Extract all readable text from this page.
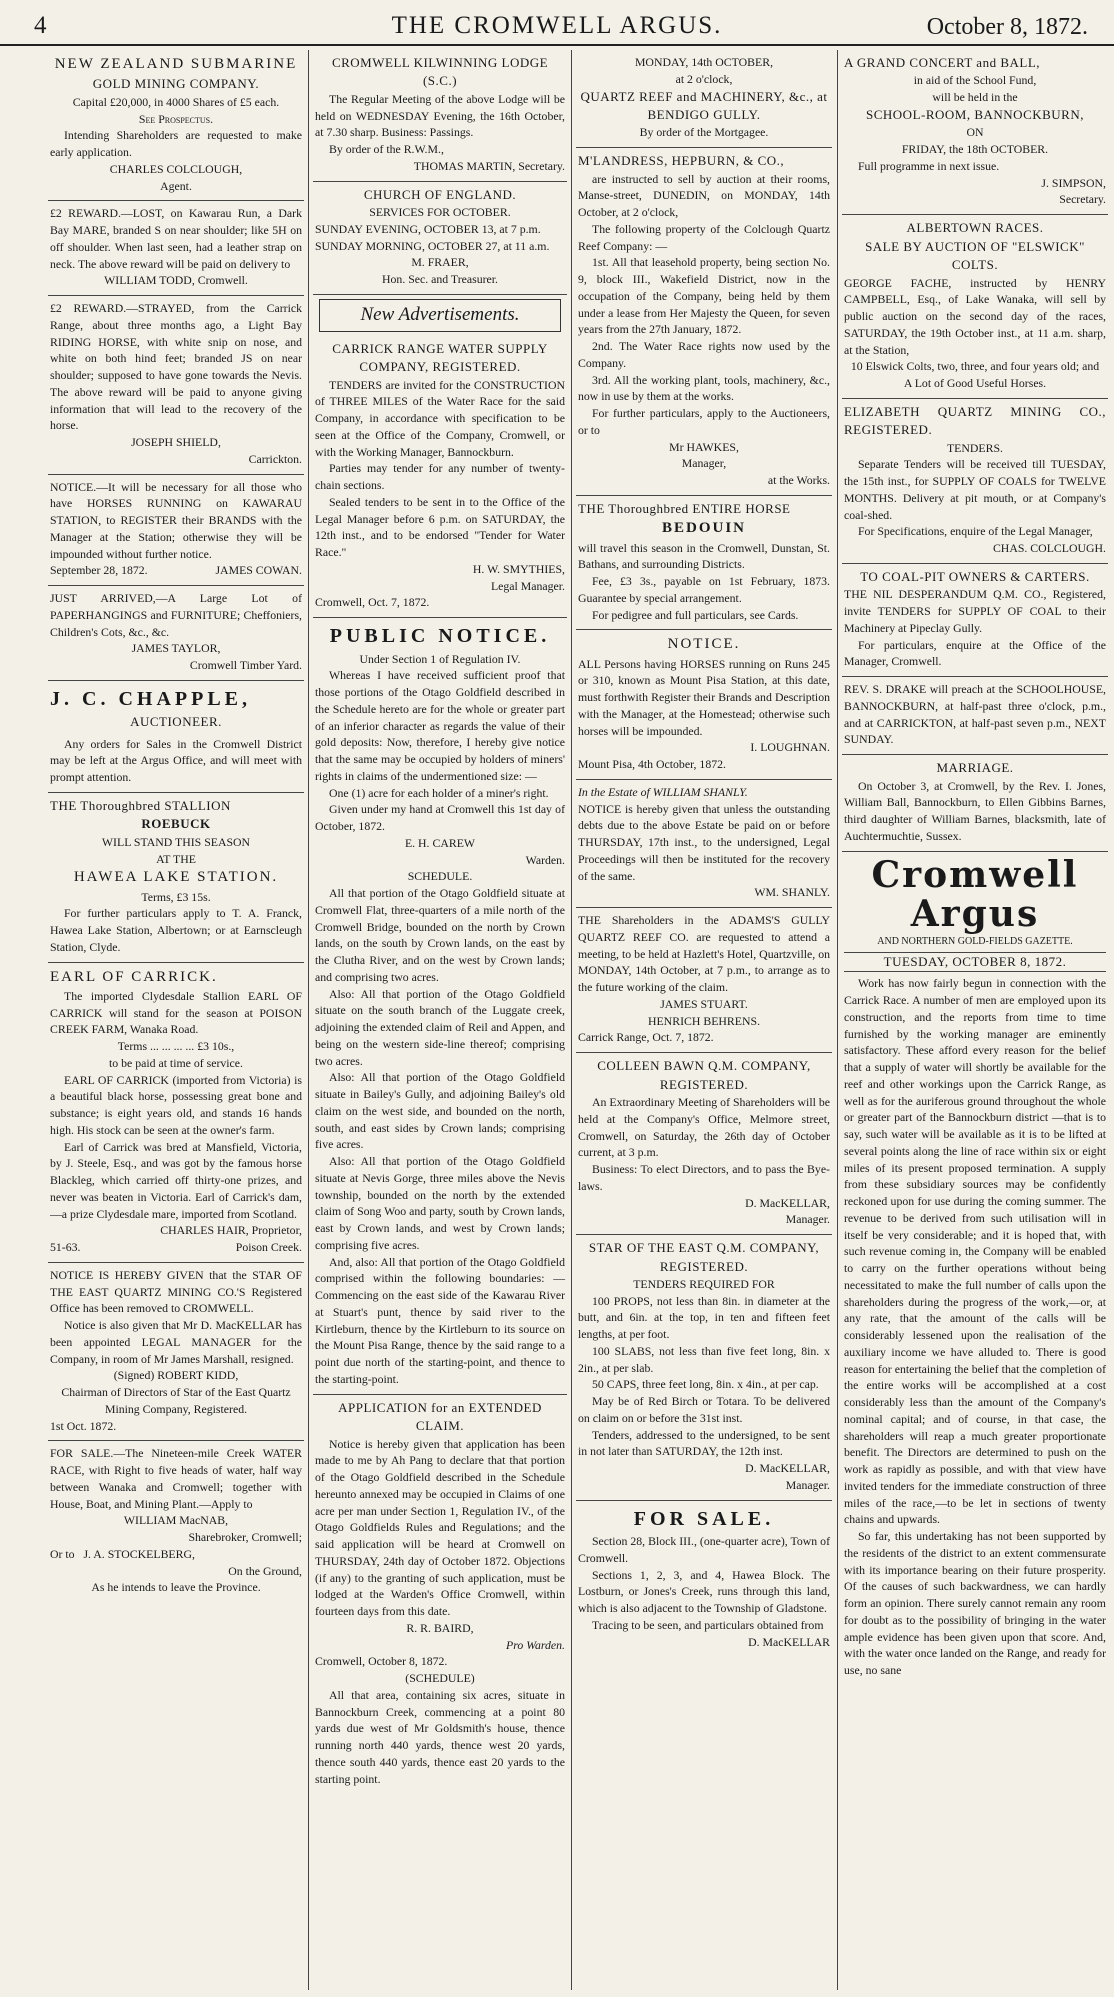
4	THE CROMWELL ARGUS.	October 8, 1872.

NEW ZEALAND SUBMARINE

GOLD MINING COMPANY.

Capital £20,000, in 4000 Shares of £5 each.

See Prospectus.

Intending Shareholders are requested to make early application.

CHARLES COLCLOUGH,

Agent.

£2 REWARD.—LOST, on Kawarau Run, a Dark Bay MARE, branded S on near shoulder; like 5H on off shoulder. When last seen, had a leather strap on neck. The above reward will be paid on delivery to

WILLIAM TODD, Cromwell.

£2 REWARD.—STRAYED, from the Carrick Range, about three months ago, a Light Bay RIDING HORSE, with white snip on nose, and white on both hind feet; branded JS on near shoulder; supposed to have gone towards the Nevis. The above reward will be paid to anyone giving information that will lead to the recovery of the horse.

JOSEPH SHIELD,

Carrickton.

NOTICE.—It will be necessary for all those who have HORSES RUNNING on KAWARAU STATION, to REGISTER their BRANDS with the Manager at the Station; otherwise they will be impounded without further notice.

September 28, 1872.	JAMES COWAN.

JUST ARRIVED,—A Large Lot of PAPERHANGINGS and FURNITURE; Cheffoniers, Children's Cots, &c., &c.

JAMES TAYLOR,

Cromwell Timber Yard.

J. C. CHAPPLE,

AUCTIONEER.

Any orders for Sales in the Cromwell District may be left at the Argus Office, and will meet with prompt attention.

THE Thoroughbred STALLION

ROEBUCK

WILL STAND THIS SEASON

AT THE

HAWEA LAKE STATION.

Terms, £3 15s.

For further particulars apply to T. A. Franck, Hawea Lake Station, Albertown; or at Earnscleugh Station, Clyde.

EARL OF CARRICK.

The imported Clydesdale Stallion EARL OF CARRICK will stand for the season at POISON CREEK FARM, Wanaka Road.

Terms ... ... ... ... £3 10s.,

to be paid at time of service.

EARL OF CARRICK (imported from Victoria) is a beautiful black horse, possessing great bone and substance; is eight years old, and stands 16 hands high. His stock can be seen at the owner's farm.

Earl of Carrick was bred at Mansfield, Victoria, by J. Steele, Esq., and was got by the famous horse Blackleg, which carried off thirty-one prizes, and never was beaten in Victoria. Earl of Carrick's dam,—a prize Clydesdale mare, imported from Scotland.

CHARLES HAIR, Proprietor,

51-63.	Poison Creek.

NOTICE IS HEREBY GIVEN that the STAR OF THE EAST QUARTZ MINING CO.'S Registered Office has been removed to CROMWELL.

Notice is also given that Mr D. MacKELLAR has been appointed LEGAL MANAGER for the Company, in room of Mr James Marshall, resigned.

(Signed) ROBERT KIDD,

Chairman of Directors of Star of the East Quartz Mining Company, Registered.

1st Oct. 1872.

FOR SALE.—The Nineteen-mile Creek WATER RACE, with Right to five heads of water, half way between Wanaka and Cromwell; together with House, Boat, and Mining Plant.—Apply to

WILLIAM MacNAB,

Sharebroker, Cromwell;

Or to J. A. STOCKELBERG,

On the Ground,

As he intends to leave the Province.

CROMWELL KILWINNING LODGE (S.C.)

The Regular Meeting of the above Lodge will be held on WEDNESDAY Evening, the 16th October, at 7.30 sharp. Business: Passings.

By order of the R.W.M.,

THOMAS MARTIN, Secretary.

CHURCH OF ENGLAND.

SERVICES FOR OCTOBER.

SUNDAY EVENING, OCTOBER 13, at 7 p.m.

SUNDAY MORNING, OCTOBER 27, at 11 a.m.

M. FRAER,

Hon. Sec. and Treasurer.

New Advertisements.

CARRICK RANGE WATER SUPPLY COMPANY, REGISTERED.

TENDERS are invited for the CONSTRUCTION of THREE MILES of the Water Race for the said Company, in accordance with specification to be seen at the Office of the Company, Cromwell, or with the Working Manager, Bannockburn.

Parties may tender for any number of twenty-chain sections.

Sealed tenders to be sent in to the Office of the Legal Manager before 6 p.m. on SATURDAY, the 12th inst., and to be endorsed "Tender for Water Race."

H. W. SMYTHIES,

Legal Manager.

Cromwell, Oct. 7, 1872.

PUBLIC NOTICE.

Under Section 1 of Regulation IV.

Whereas I have received sufficient proof that those portions of the Otago Goldfield described in the Schedule hereto are for the whole or greater part of an inferior character as regards the value of their gold deposits: Now, therefore, I hereby give notice that the same may be occupied by holders of miners' rights in claims of the undermentioned size: —

One (1) acre for each holder of a miner's right.

Given under my hand at Cromwell this 1st day of October, 1872.

E. H. CAREW

Warden.

SCHEDULE.

All that portion of the Otago Goldfield situate at Cromwell Flat, three-quarters of a mile north of the Cromwell Bridge, bounded on the north by Crown lands, on the south by Crown lands, on the east by the Clutha River, and on the west by Crown lands; and comprising two acres.

Also: All that portion of the Otago Goldfield situate on the south branch of the Luggate creek, adjoining the extended claim of Reil and Appen, and being on the western side-line thereof; comprising two acres.

Also: All that portion of the Otago Goldfield situate in Bailey's Gully, and adjoining Bailey's old claim on the west side, and bounded on the north, south, and east sides by Crown lands; comprising five acres.

Also: All that portion of the Otago Goldfield situate at Nevis Gorge, three miles above the Nevis township, bounded on the north by the extended claim of Song Woo and party, south by Crown lands, east by Crown lands, and west by Crown lands; comprising five acres.

And, also: All that portion of the Otago Goldfield comprised within the following boundaries: —Commencing on the east side of the Kawarau River at Stuart's punt, thence by said river to the Kirtleburn, thence by the Kirtleburn to its source on the Mount Pisa Range, thence by the said range to a point due north of the starting-point, and thence to the starting-point.

APPLICATION for an EXTENDED CLAIM.

Notice is hereby given that application has been made to me by Ah Pang to declare that that portion of the Otago Goldfield described in the Schedule hereunto annexed may be occupied in Claims of one acre per man under Section 1, Regulation IV., of the Otago Goldfields Rules and Regulations; and the said application will be heard at Cromwell on THURSDAY, 24th day of October 1872. Objections (if any) to the granting of such application, must be lodged at the Warden's Office Cromwell, within fourteen days from this date.

R. R. BAIRD,

Pro Warden.

Cromwell, October 8, 1872.

(SCHEDULE)

All that area, containing six acres, situate in Bannockburn Creek, commencing at a point 80 yards due west of Mr Goldsmith's house, thence running north 440 yards, thence west 20 yards, thence south 440 yards, thence east 20 yards to the starting point.

MONDAY, 14th OCTOBER,

at 2 o'clock,

QUARTZ REEF and MACHINERY, &c., at BENDIGO GULLY.

By order of the Mortgagee.

M'LANDRESS, HEPBURN, & CO.,

are instructed to sell by auction at their rooms, Manse-street, DUNEDIN, on MONDAY, 14th October, at 2 o'clock,

The following property of the Colclough Quartz Reef Company: —

1st. All that leasehold property, being section No. 9, block III., Wakefield District, now in the occupation of the Company, being held by them under a lease from Her Majesty the Queen, for seven years from the 27th January, 1872.

2nd. The Water Race rights now used by the Company.

3rd. All the working plant, tools, machinery, &c., now in use by them at the works.

For further particulars, apply to the Auctioneers, or to

Mr HAWKES,

Manager,

at the Works.

THE Thoroughbred ENTIRE HORSE

BEDOUIN

will travel this season in the Cromwell, Dunstan, St. Bathans, and surrounding Districts.

Fee, £3 3s., payable on 1st February, 1873. Guarantee by special arrangement.

For pedigree and full particulars, see Cards.

NOTICE.

ALL Persons having HORSES running on Runs 245 or 310, known as Mount Pisa Station, at this date, must forthwith Register their Brands and Description with the Manager, at the Homestead; otherwise such horses will be impounded.

I. LOUGHNAN.

Mount Pisa, 4th October, 1872.

In the Estate of WILLIAM SHANLY.

NOTICE is hereby given that unless the outstanding debts due to the above Estate be paid on or before THURSDAY, 17th inst., to the undersigned, Legal Proceedings will then be instituted for the recovery of the same.

WM. SHANLY.

THE Shareholders in the ADAMS'S GULLY QUARTZ REEF CO. are requested to attend a meeting, to be held at Hazlett's Hotel, Quartzville, on MONDAY, 14th October, at 7 p.m., to arrange as to the future working of the claim.

JAMES STUART.

HENRICH BEHRENS.

Carrick Range, Oct. 7, 1872.

COLLEEN BAWN Q.M. COMPANY, REGISTERED.

An Extraordinary Meeting of Shareholders will be held at the Company's Office, Melmore street, Cromwell, on Saturday, the 26th day of October current, at 3 p.m.

Business: To elect Directors, and to pass the Bye-laws.

D. MacKELLAR,

Manager.

STAR OF THE EAST Q.M. COMPANY, REGISTERED.

TENDERS REQUIRED FOR

100 PROPS, not less than 8in. in diameter at the butt, and 6in. at the top, in ten and fifteen feet lengths, at per foot.

100 SLABS, not less than five feet long, 8in. x 2in., at per slab.

50 CAPS, three feet long, 8in. x 4in., at per cap.

May be of Red Birch or Totara. To be delivered on claim on or before the 31st inst.

Tenders, addressed to the undersigned, to be sent in not later than SATURDAY, the 12th inst.

D. MacKELLAR,

Manager.

FOR SALE.

Section 28, Block III., (one-quarter acre), Town of Cromwell.

Sections 1, 2, 3, and 4, Hawea Block. The Lostburn, or Jones's Creek, runs through this land, which is also adjacent to the Township of Gladstone.

Tracing to be seen, and particulars obtained from

D. MacKELLAR

A GRAND CONCERT and BALL,

in aid of the School Fund,

will be held in the

SCHOOL-ROOM, BANNOCKBURN,

ON

FRIDAY, the 18th OCTOBER.

Full programme in next issue.

J. SIMPSON,

Secretary.

ALBERTOWN RACES.

SALE BY AUCTION OF "ELSWICK" COLTS.

GEORGE FACHE, instructed by HENRY CAMPBELL, Esq., of Lake Wanaka, will sell by public auction on the second day of the races, SATURDAY, the 19th October inst., at 11 a.m. sharp, at the Station,

10 Elswick Colts, two, three, and four years old; and

A Lot of Good Useful Horses.

ELIZABETH QUARTZ MINING CO., REGISTERED.

TENDERS.

Separate Tenders will be received till TUESDAY, the 15th inst., for SUPPLY OF COALS for TWELVE MONTHS. Delivery at pit mouth, or at Company's coal-shed.

For Specifications, enquire of the Legal Manager,

CHAS. COLCLOUGH.

TO COAL-PIT OWNERS & CARTERS.

THE NIL DESPERANDUM Q.M. CO., Registered, invite TENDERS for SUPPLY OF COAL to their Machinery at Pipeclay Gully.

For particulars, enquire at the Office of the Manager, Cromwell.

REV. S. DRAKE will preach at the SCHOOLHOUSE, BANNOCKBURN, at half-past three o'clock, p.m., and at CARRICKTON, at half-past seven p.m., NEXT SUNDAY.

MARRIAGE.

On October 3, at Cromwell, by the Rev. I. Jones, William Ball, Bannockburn, to Ellen Gibbins Barnes, third daughter of William Barnes, blacksmith, late of Auchtermuchtie, Sussex.

Cromwell Argus

AND NORTHERN GOLD-FIELDS GAZETTE.

TUESDAY, OCTOBER 8, 1872.

Work has now fairly begun in connection with the Carrick Race. A number of men are employed upon its construction, and the reports from time to time furnished by the working manager are eminently satisfactory. These afford every reason for the belief that a supply of water will shortly be available for the reef and other workings upon the Carrick Range, as well as for the auriferous ground throughout the whole or greater part of the Bannockburn district —that is to say, such water will be available as it is to be lifted at several points along the line of race within six or eight miles of its present proposed termination. A supply from these subsidiary sources may be confidently reckoned upon for use during the coming summer. The revenue to be derived from such utilisation will in itself be very considerable; and it is hoped that, with such revenue coming in, the Company will be enabled to carry on the further operations without being necessitated to make the full number of calls upon the shareholders during the progress of the work,—or, at any rate, that the amount of the calls will be considerably lessened upon the realisation of the auxiliary income we have alluded to. There is good reason for entertaining the belief that the completion of the entire works will be accomplished at a cost considerably less than the amount of the Company's nominal capital; and of course, in that case, the shareholders will reap a much greater proportionate benefit. The Directors are determined to push on the work as rapidly as possible, and with that view have invited tenders for the immediate construction of three miles of the race,—to be let in sections of twenty chains and upwards.

So far, this undertaking has not been supported by the residents of the district to an extent commensurate with its importance bearing on their future prosperity. Of the causes of such backwardness, we can hardly form an opinion. There surely cannot remain any room for doubt as to the possibility of bringing in the water ample evidence has been given upon that score. And, with the water once landed on the Range, and ready for use, no sane
